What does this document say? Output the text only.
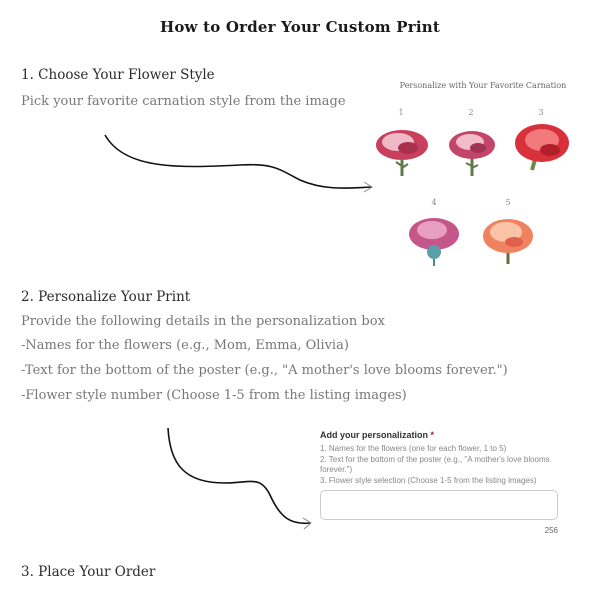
How to Order Your Custom Print
1. Choose Your Flower Style
Pick your favorite carnation style from the image
Personalize with Your Favorite Carnation
1	2	3
4	5
2. Personalize Your Print
Provide the following details in the personalization box
-Names for the flowers (e.g., Mom, Emma, Olivia)
-Text for the bottom of the poster (e.g., "A mother's love blooms forever.")
-Flower style number (Choose 1-5 from the listing images)
Add your personalization *
1. Names for the flowers (one for each flower, 1 to 5)
2. Text for the bottom of the poster (e.g., "A mother's love blooms forever.")
3. Flower style selection (Choose 1-5 from the listing images)
256
3. Place Your Order
